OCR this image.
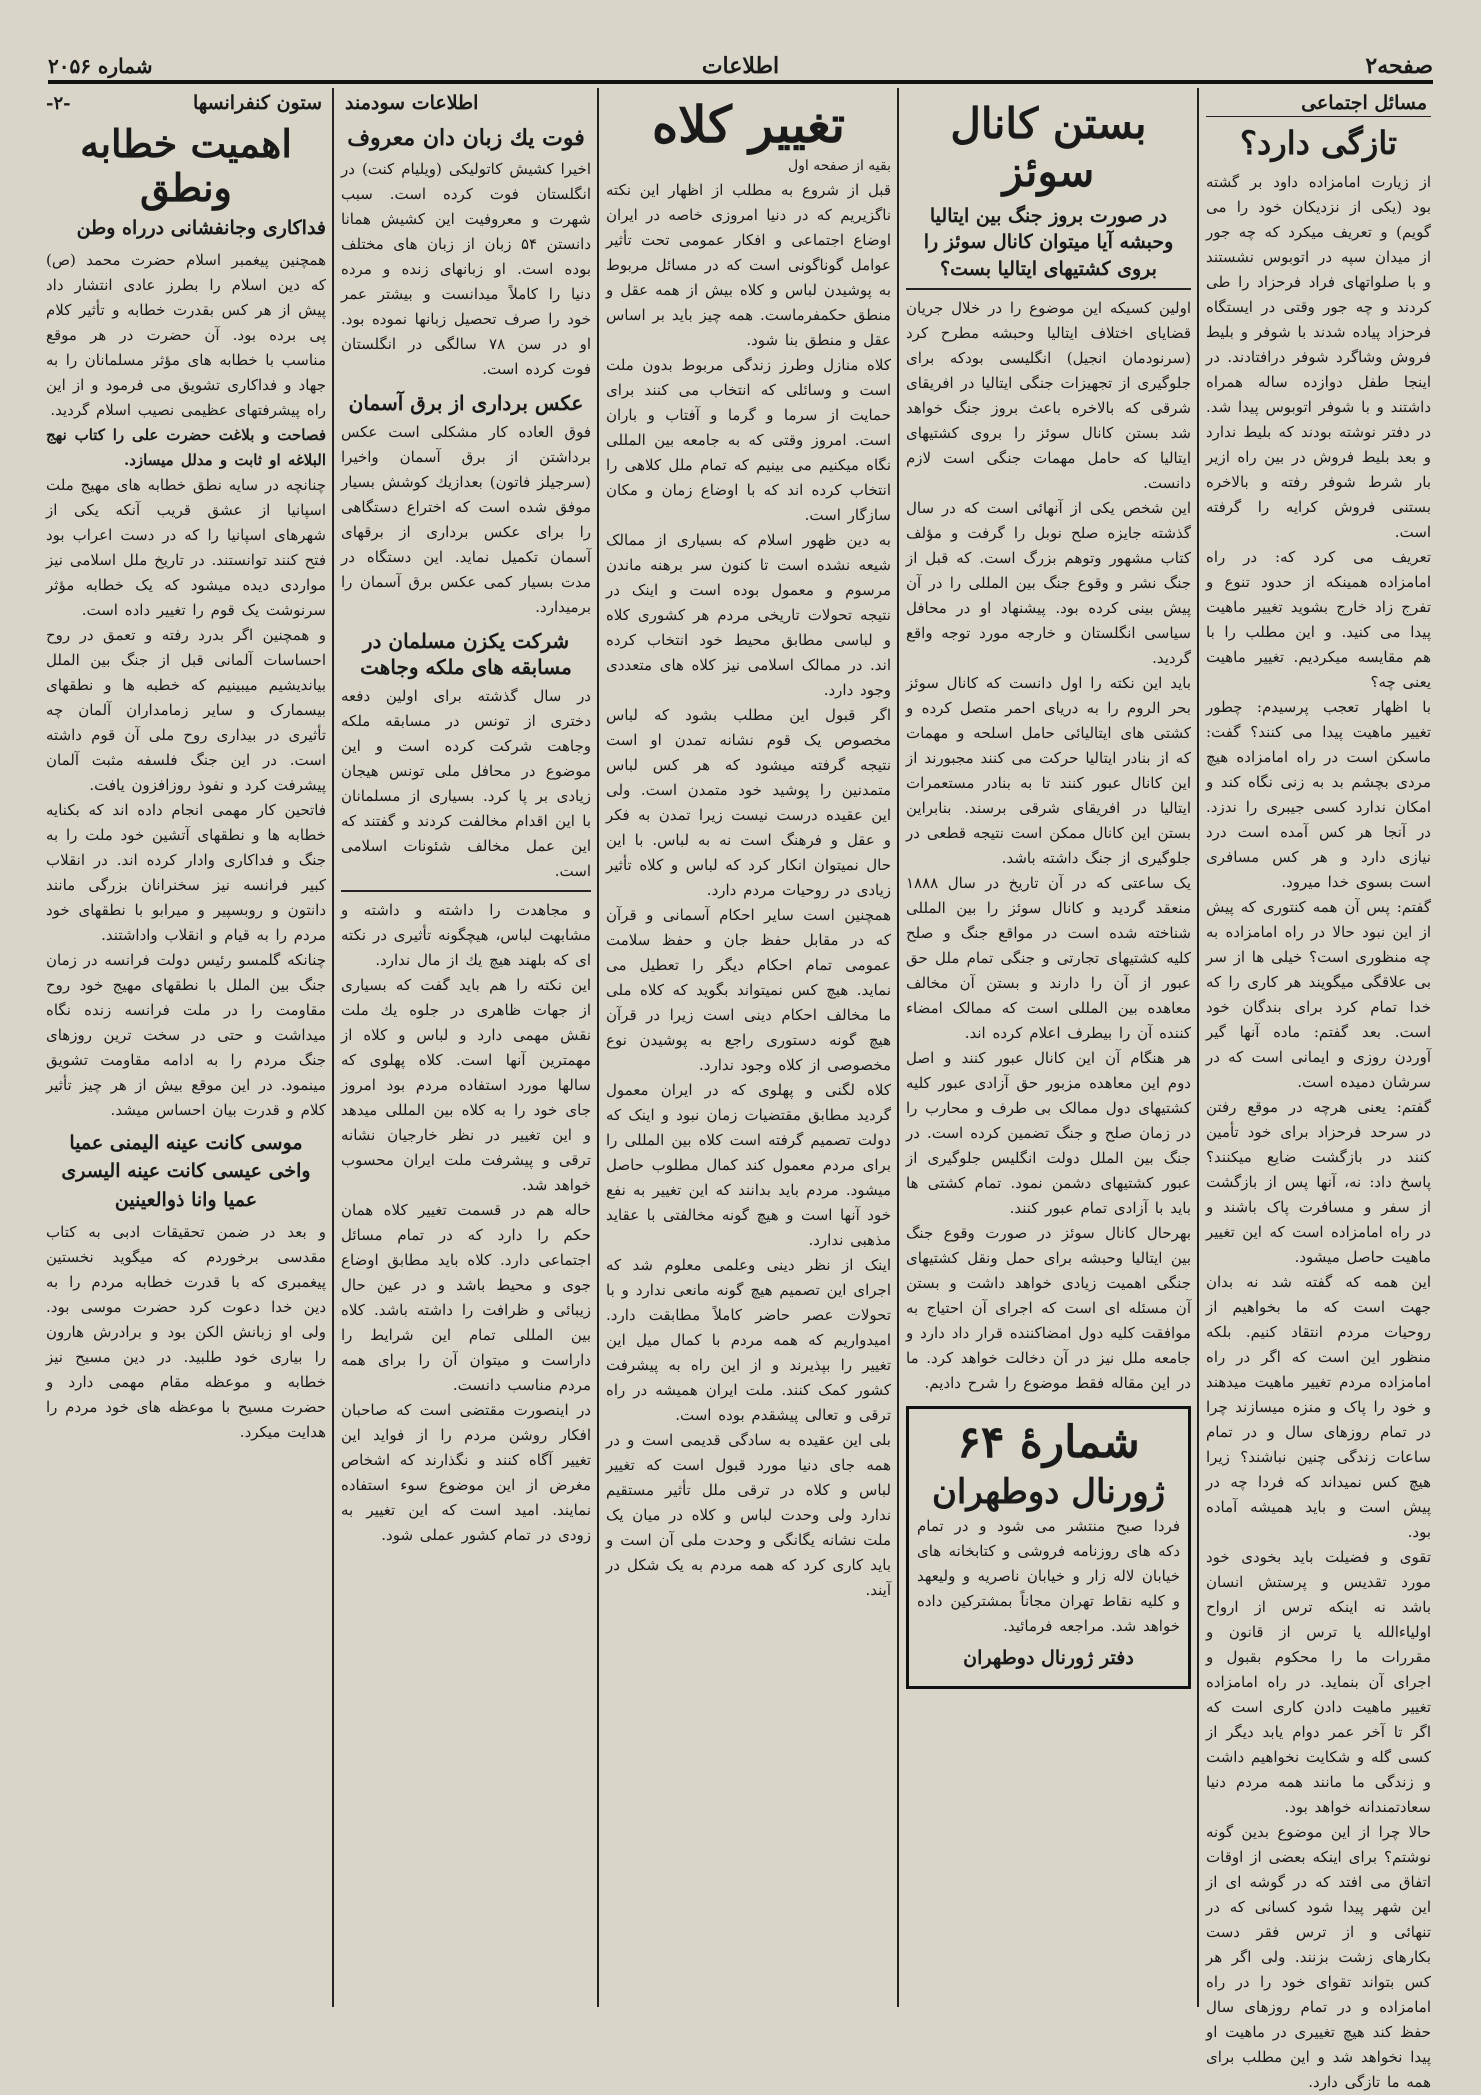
صفحه۲
اطلاعات
شماره ۲۰۵۶
مسائل اجتماعی
تازگی دارد؟
از زیارت امامزاده داود بر گشته بود (یکی از نزدیکان خود را می گویم) و تعریف میکرد که چه جور از میدان سپه در اتوبوس نشستند و با صلواتهای فراد فرحزاد را طی کردند و چه جور وقتی در ایستگاه فرحزاد پیاده شدند با شوفر و بلیط فروش وشاگرد شوفر درافتادند. در اینجا طفل دوازده ساله همراه داشتند و با شوفر اتوبوس پیدا شد. در دفتر نوشته بودند که بلیط ندارد و بعد بلیط فروش در بین راه ازیر بار شرط شوفر رفته و بالاخره بستنی فروش کرایه را گرفته است.
تعریف می کرد که: در راه امامزاده همینکه از حدود تنوع و تفرج زاد خارج بشوید تغییر ماهیت پیدا می کنید. و این مطلب را با هم مقایسه میکردیم. تغییر ماهیت یعنی چه؟
با اظهار تعجب پرسیدم: چطور تغییر ماهیت پیدا می کنند؟ گفت: ماسکن است در راه امامزاده هیچ مردی بچشم بد به زنی نگاه کند و امکان ندارد کسی جیبری را ندزد. در آنجا هر کس آمده است درد نیازی دارد و هر کس مسافری است بسوی خدا میرود.
گفتم: پس آن همه کنتوری که پیش از این نبود حالا در راه امامزاده به چه منظوری است؟ خیلی ها از سر بی علاقگی میگویند هر کاری را که خدا تمام کرد برای بندگان خود است. بعد گفتم: ماده آنها گیر آوردن روزی و ایمانی است که در سرشان دمیده است.
گفتم: یعنی هرچه در موقع رفتن در سرحد فرحزاد برای خود تأمین کنند در بازگشت ضایع میکنند؟ پاسخ داد: نه، آنها پس از بازگشت از سفر و مسافرت پاک باشند و در راه امامزاده است که این تغییر ماهیت حاصل میشود.
این همه که گفته شد نه بدان جهت است که ما بخواهیم از روحیات مردم انتقاد کنیم. بلکه منظور این است که اگر در راه امامزاده مردم تغییر ماهیت میدهند و خود را پاک و منزه میسازند چرا در تمام روزهای سال و در تمام ساعات زندگی چنین نباشند؟ زیرا هیچ کس نمیداند که فردا چه در پیش است و باید همیشه آماده بود.
تقوی و فضیلت باید بخودی خود مورد تقدیس و پرستش انسان باشد نه اینکه ترس از ارواح اولیاءالله یا ترس از قانون و مقررات ما را محکوم بقبول و اجرای آن بنماید. در راه امامزاده تغییر ماهیت دادن کاری است که اگر تا آخر عمر دوام یابد دیگر از کسی گله و شکایت نخواهیم داشت و زندگی ما مانند همه مردم دنیا سعادتمندانه خواهد بود.
حالا چرا از این موضوع بدین گونه نوشتم؟ برای اینکه بعضی از اوقات اتفاق می افتد که در گوشه ای از این شهر پیدا شود کسانی که در تنهائی و از ترس فقر دست بکارهای زشت بزنند. ولی اگر هر کس بتواند تقوای خود را در راه امامزاده و در تمام روزهای سال حفظ کند هیچ تغییری در ماهیت او پیدا نخواهد شد و این مطلب برای همه ما تازگی دارد.
بستن کانال سوئز
در صورت بروز جنگ بین ایتالیا وحبشه آیا میتوان کانال سوئز را بروی کشتیهای ایتالیا بست؟
اولین کسیکه این موضوع را در خلال جریان قضایای اختلاف ایتالیا وحبشه مطرح کرد (سرنودمان انجیل) انگلیسی بودکه برای جلوگیری از تجهیزات جنگی ایتالیا در افریقای شرقی که بالاخره باعث بروز جنگ خواهد شد بستن کانال سوئز را بروی کشتیهای ایتالیا که حامل مهمات جنگی است لازم دانست.
این شخص یکی از آنهائی است که در سال گذشته جایزه صلح نوبل را گرفت و مؤلف کتاب مشهور وتوهم بزرگ است. که قبل از جنگ نشر و وقوع جنگ بین المللی را در آن پیش بینی کرده بود. پیشنهاد او در محافل سیاسی انگلستان و خارجه مورد توجه واقع گردید.
باید این نکته را اول دانست که کانال سوئز بحر الروم را به دریای احمر متصل کرده و کشتی های ایتالیائی حامل اسلحه و مهمات که از بنادر ایتالیا حرکت می کنند مجبورند از این کانال عبور کنند تا به بنادر مستعمرات ایتالیا در افریقای شرقی برسند. بنابراین بستن این کانال ممکن است نتیجه قطعی در جلوگیری از جنگ داشته باشد.
یک ساعتی که در آن تاریخ در سال ۱۸۸۸ منعقد گردید و کانال سوئز را بین المللی شناخته شده است در مواقع جنگ و صلح کلیه کشتیهای تجارتی و جنگی تمام ملل حق عبور از آن را دارند و بستن آن مخالف معاهده بین المللی است که ممالک امضاء کننده آن را بیطرف اعلام کرده اند.
هر هنگام آن این کانال عبور کنند و اصل دوم این معاهده مزبور حق آزادی عبور کلیه کشتیهای دول ممالک بی طرف و محارب را در زمان صلح و جنگ تضمین کرده است. در جنگ بین الملل دولت انگلیس جلوگیری از عبور کشتیهای دشمن نمود. تمام کشتی ها باید با آزادی تمام عبور کنند.
بهرحال کانال سوئز در صورت وقوع جنگ بین ایتالیا وحبشه برای حمل ونقل کشتیهای جنگی اهمیت زیادی خواهد داشت و بستن آن مسئله ای است که اجرای آن احتیاج به موافقت کلیه دول امضاکننده قرار داد دارد و جامعه ملل نیز در آن دخالت خواهد کرد. ما در این مقاله فقط موضوع را شرح دادیم.
شمارهٔ ۶۴
ژورنال دوطهران
فردا صبح منتشر می شود و در تمام دکه های روزنامه فروشی و کتابخانه های خیابان لاله زار و خیابان ناصریه و ولیعهد و کلیه نقاط تهران مجاناً بمشترکین داده خواهد شد. مراجعه فرمائید.
دفتر ژورنال دوطهران
تغییر کلاه
بقیه از صفحه اول
قبل از شروع به مطلب از اظهار این نکته ناگزیریم که در دنیا امروزی خاصه در ایران اوضاع اجتماعی و افکار عمومی تحت تأثیر عوامل گوناگونی است که در مسائل مربوط به پوشیدن لباس و کلاه بیش از همه عقل و منطق حکمفرماست. همه چیز باید بر اساس عقل و منطق بنا شود.
کلاه منازل وطرز زندگی مربوط بدون ملت است و وسائلی که انتخاب می کنند برای حمایت از سرما و گرما و آفتاب و باران است. امروز وقتی که به جامعه بین المللی نگاه میکنیم می بینیم که تمام ملل کلاهی را انتخاب کرده اند که با اوضاع زمان و مکان سازگار است.
به دین ظهور اسلام که بسیاری از ممالک شیعه نشده است تا کنون سر برهنه ماندن مرسوم و معمول بوده است و اینک در نتیجه تحولات تاریخی مردم هر کشوری کلاه و لباسی مطابق محیط خود انتخاب کرده اند. در ممالک اسلامی نیز کلاه های متعددی وجود دارد.
اگر قبول این مطلب بشود که لباس مخصوص یک قوم نشانه تمدن او است نتیجه گرفته میشود که هر کس لباس متمدنین را پوشید خود متمدن است. ولی این عقیده درست نیست زیرا تمدن به فکر و عقل و فرهنگ است نه به لباس. با این حال نمیتوان انکار کرد که لباس و کلاه تأثیر زیادی در روحیات مردم دارد.
همچنین است سایر احکام آسمانی و قرآن که در مقابل حفظ جان و حفظ سلامت عمومی تمام احکام دیگر را تعطیل می نماید. هیچ کس نمیتواند بگوید که کلاه ملی ما مخالف احکام دینی است زیرا در قرآن هیچ گونه دستوری راجع به پوشیدن نوع مخصوصی از کلاه وجود ندارد.
کلاه لگنی و پهلوی که در ایران معمول گردید مطابق مقتضیات زمان نبود و اینک که دولت تصمیم گرفته است کلاه بین المللی را برای مردم معمول کند کمال مطلوب حاصل میشود. مردم باید بدانند که این تغییر به نفع خود آنها است و هیچ گونه مخالفتی با عقاید مذهبی ندارد.
اینک از نظر دینی وعلمی معلوم شد که اجرای این تصمیم هیچ گونه مانعی ندارد و با تحولات عصر حاضر کاملاً مطابقت دارد. امیدواریم که همه مردم با کمال میل این تغییر را بپذیرند و از این راه به پیشرفت کشور کمک کنند. ملت ایران همیشه در راه ترقی و تعالی پیشقدم بوده است.
بلی این عقیده به سادگی قدیمی است و در همه جای دنیا مورد قبول است که تغییر لباس و کلاه در ترقی ملل تأثیر مستقیم ندارد ولی وحدت لباس و کلاه در میان یک ملت نشانه یگانگی و وحدت ملی آن است و باید کاری کرد که همه مردم به یک شکل در آیند.
اطلاعات سودمند
فوت یك زبان دان معروف
اخیرا کشیش کاتولیکی (ویلیام کنت) در انگلستان فوت کرده است. سبب شهرت و معروفیت این کشیش همانا دانستن ۵۴ زبان از زبان های مختلف بوده است. او زبانهای زنده و مرده دنیا را کاملاً میدانست و بیشتر عمر خود را صرف تحصیل زبانها نموده بود. او در سن ۷۸ سالگی در انگلستان فوت کرده است.
عکس برداری از برق آسمان
فوق العاده کار مشکلی است عکس برداشتن از برق آسمان واخیرا (سرجیلز فاتون) بعدازیك کوشش بسیار موفق شده است که اختراع دستگاهی را برای عکس برداری از برقهای آسمان تکمیل نماید. این دستگاه در مدت بسیار کمی عکس برق آسمان را برمیدارد.
شرکت یکزن مسلمان در مسابقه های ملکه وجاهت
در سال گذشته برای اولین دفعه دختری از تونس در مسابقه ملکه وجاهت شرکت کرده است و این موضوع در محافل ملی تونس هیجان زیادی بر پا کرد. بسیاری از مسلمانان با این اقدام مخالفت کردند و گفتند که این عمل مخالف شئونات اسلامی است.
و مجاهدت را داشته و داشته و مشابهت لباس، هیچگونه تأثیری در نکته ای که بلهند هیچ یك از مال ندارد.
این نکته را هم باید گفت که بسیاری از جهات ظاهری در جلوه یك ملت نقش مهمی دارد و لباس و کلاه از مهمترین آنها است. کلاه پهلوی که سالها مورد استفاده مردم بود امروز جای خود را به کلاه بین المللی میدهد و این تغییر در نظر خارجیان نشانه ترقی و پیشرفت ملت ایران محسوب خواهد شد.
حاله هم در قسمت تغییر کلاه همان حکم را دارد که در تمام مسائل اجتماعی دارد. کلاه باید مطابق اوضاع جوی و محیط باشد و در عین حال زیبائی و ظرافت را داشته باشد. کلاه بین المللی تمام این شرایط را داراست و میتوان آن را برای همه مردم مناسب دانست.
در اینصورت مقتضی است که صاحبان افکار روشن مردم را از فواید این تغییر آگاه کنند و نگذارند که اشخاص مغرض از این موضوع سوء استفاده نمایند. امید است که این تغییر به زودی در تمام کشور عملی شود.
ستون کنفرانسها
-۲-
اهمیت خطابه ونطق
فداکاری وجانفشانی درراه وطن
همچنین پیغمبر اسلام حضرت محمد (ص) که دین اسلام را بطرز عادی انتشار داد پیش از هر کس بقدرت خطابه و تأثیر کلام پی برده بود. آن حضرت در هر موقع مناسب با خطابه های مؤثر مسلمانان را به جهاد و فداکاری تشویق می فرمود و از این راه پیشرفتهای عظیمی نصیب اسلام گردید.
فصاحت و بلاغت حضرت علی را کتاب نهج البلاغه او ثابت و مدلل میسازد.
چنانچه در سایه نطق خطابه های مهیج ملت اسپانیا از عشق قریب آنکه یکی از شهرهای اسپانیا را که در دست اعراب بود فتح کنند توانستند. در تاریخ ملل اسلامی نیز مواردی دیده میشود که یک خطابه مؤثر سرنوشت یک قوم را تغییر داده است.
و همچنین اگر بدرد رفته و تعمق در روح احساسات آلمانی قبل از جنگ بین الملل بیاندیشیم میبینیم که خطبه ها و نطقهای بیسمارک و سایر زمامداران آلمان چه تأثیری در بیداری روح ملی آن قوم داشته است. در این جنگ فلسفه مثبت آلمان پیشرفت کرد و نفوذ روزافزون یافت.
فاتحین کار مهمی انجام داده اند که بکنایه خطابه ها و نطقهای آتشین خود ملت را به جنگ و فداکاری وادار کرده اند. در انقلاب کبیر فرانسه نیز سخنرانان بزرگی مانند دانتون و روبسپیر و میرابو با نطقهای خود مردم را به قیام و انقلاب واداشتند.
چنانکه گلمسو رئیس دولت فرانسه در زمان جنگ بین الملل با نطقهای مهیج خود روح مقاومت را در ملت فرانسه زنده نگاه میداشت و حتی در سخت ترین روزهای جنگ مردم را به ادامه مقاومت تشویق مینمود. در این موقع بیش از هر چیز تأثیر کلام و قدرت بیان احساس میشد.
موسی کانت عینه الیمنی عمیا واخی عیسی کانت عینه الیسری عمیا وانا ذوالعینین
و بعد در ضمن تحقیقات ادبی به کتاب مقدسی برخوردم که میگوید نخستین پیغمبری که با قدرت خطابه مردم را به دین خدا دعوت کرد حضرت موسی بود. ولی او زبانش الکن بود و برادرش هارون را بیاری خود طلبید. در دین مسیح نیز خطابه و موعظه مقام مهمی دارد و حضرت مسیح با موعظه های خود مردم را هدایت میکرد.
